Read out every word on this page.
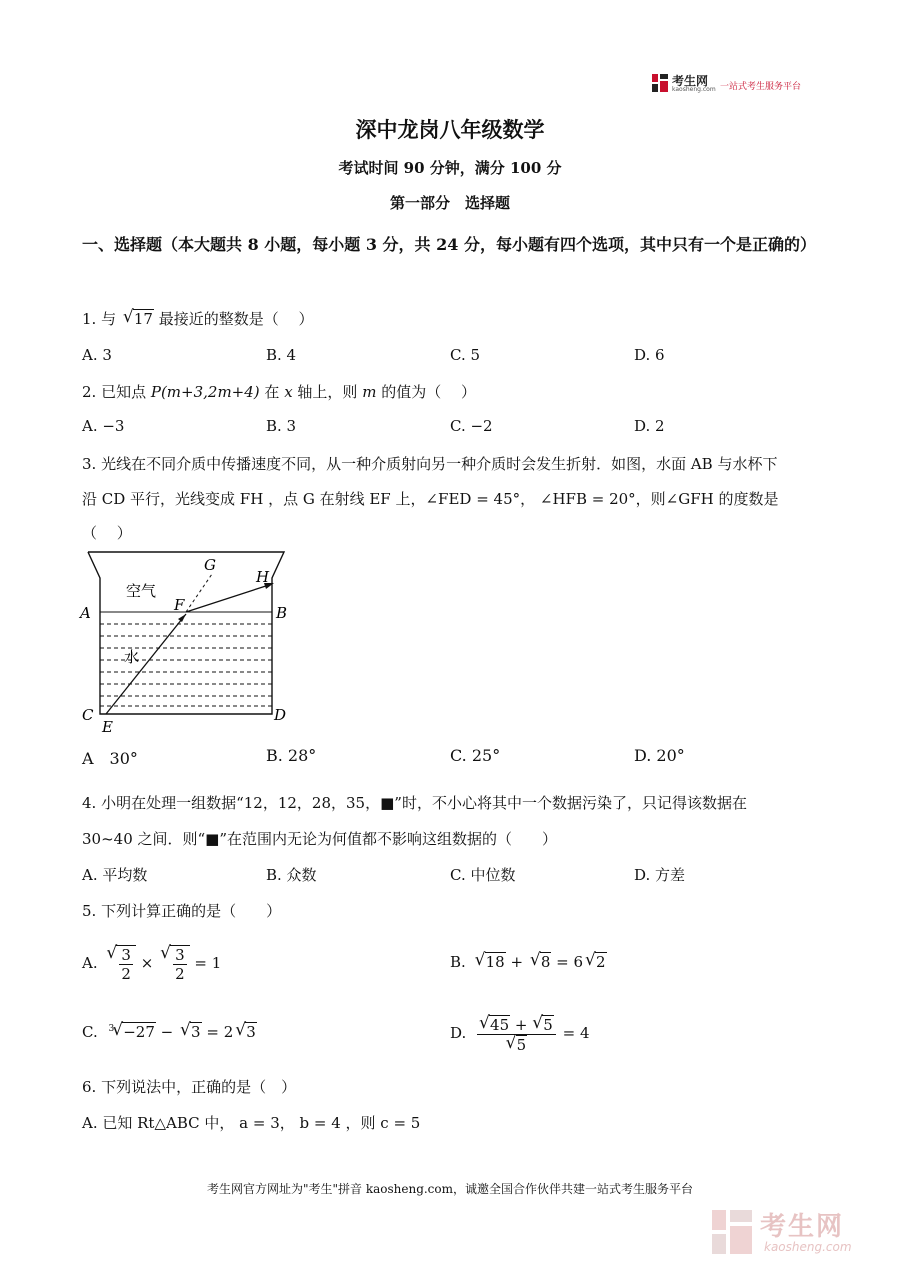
考生网
kaosheng.com 一站式考生服务平台
深中龙岗八年级数学
考试时间 90 分钟，满分 100 分
第一部分　选择题
一、选择题（本大题共 8 小题，每小题 3 分，共 24 分，每小题有四个选项，其中只有一个是正确的）
1. 与 √ 17 最接近的整数是（　 ）
A. 3	B. 4	C. 5	D. 6
2. 已知点 P(m+3,2m+4) 在 x 轴上，则 m 的值为（　 ）
A. −3	B. 3	C. −2	D. 2
3. 光线在不同介质中传播速度不同，从一种介质射向另一种介质时会发生折射．如图，水面 AB 与水杯下
沿 CD 平行，光线变成 FH ，点 G 在射线 EF 上，∠FED = 45°， ∠HFB = 20°，则∠GFH 的度数是
（　 ）
空气
水
A	B
C	D
E
F
G
H
A　30°	B. 28°	C. 25°	D. 20°
4. 小明在处理一组数据“12，12，28，35，■”时，不小心将其中一个数据污染了，只记得该数据在
30~40 之间．则“■”在范围内无论为何值都不影响这组数据的（　　）
A. 平均数	B. 众数	C. 中位数	D. 方差
5. 下列计算正确的是（　　）
A. √ $\frac{3}{2}$ × √ $\frac{3}{2} = 1$	B. √ 18 + √ 8 = 6 √ 2
C. $^3$ √ −27 − √ 3 = 2 √ 3	D. √ 45 + √ 5
√ 5 = 4
6. 下列说法中，正确的是（　）
A. 已知 Rt△ABC 中， a = 3， b = 4 ，则 c = 5
考生网官方网址为"考生"拼音 kaosheng.com，诚邀全国合作伙伴共建一站式考生服务平台
考生网
kaosheng.com
